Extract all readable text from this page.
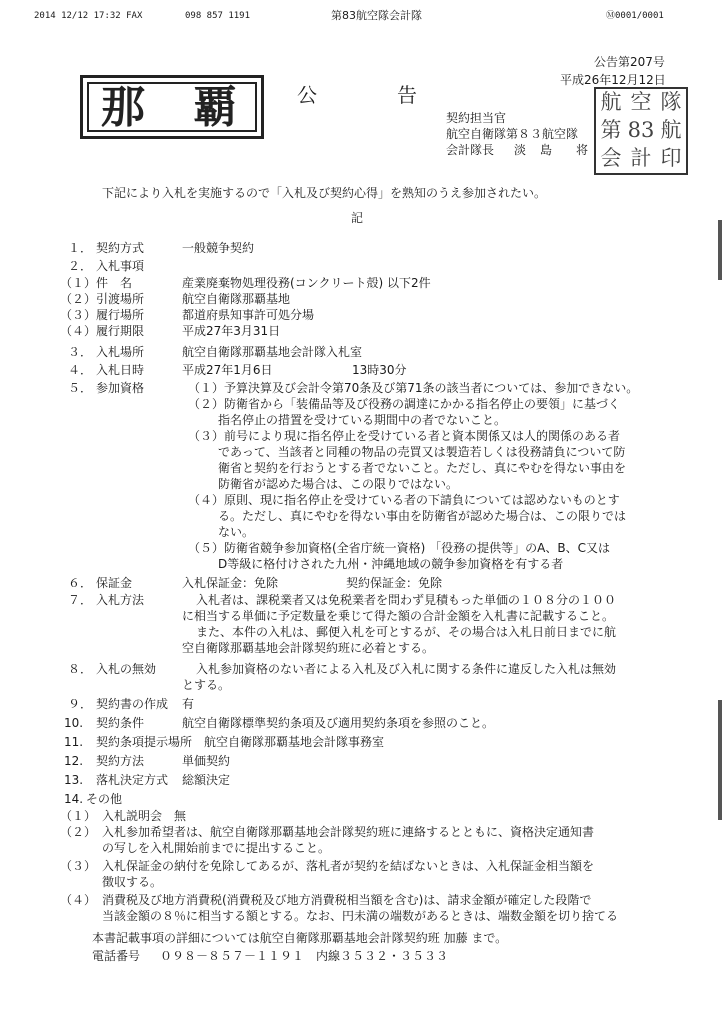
2014 12/12 17:32 FAX	098 857 1191	第83航空隊会計隊	Ⓜ0001/0001
公告第207号
平成26年12月12日
那 覇	公	告
契約担当官
航空自衛隊第８３航空隊
会計隊長 淡 島 将
航 空 隊
第 83 航
会 計 印
下記により入札を実施するので「入札及び契約心得」を熟知のうえ参加されたい。
記
１． 契約方式	一般競争契約
２． 入札事項
（１） 件　名	産業廃棄物処理役務(コンクリート殻) 以下2件
（２） 引渡場所	航空自衛隊那覇基地
（３） 履行場所	都道府県知事許可処分場
（４） 履行期限	平成27年3月31日
３． 入札場所	航空自衛隊那覇基地会計隊入札室
４． 入札日時	平成27年1月6日	13時30分
５． 参加資格	（１）予算決算及び会計令第70条及び第71条の該当者については、参加できない。
（２）防衛省から「装備品等及び役務の調達にかかる指名停止の要領」に基づく
指名停止の措置を受けている期間中の者でないこと。
（３）前号により現に指名停止を受けている者と資本関係又は人的関係のある者
であって、当該者と同種の物品の売買又は製造若しくは役務請負について防
衛省と契約を行おうとする者でないこと。ただし、真にやむを得ない事由を
防衛省が認めた場合は、この限りではない。
（４）原則、現に指名停止を受けている者の下請負については認めないものとす
る。ただし、真にやむを得ない事由を防衛省が認めた場合は、この限りでは
ない。
（５）防衛省競争参加資格(全省庁統一資格) 「役務の提供等」のA、B、C又は
D等級に格付けされた九州・沖縄地域の競争参加資格を有する者
６． 保証金	入札保証金：免除	契約保証金：免除
７． 入札方法	入札者は、課税業者又は免税業者を問わず見積もった単価の１０８分の１００
に相当する単価に予定数量を乗じて得た額の合計金額を入札書に記載すること。
また、本件の入札は、郵便入札を可とするが、その場合は入札日前日までに航
空自衛隊那覇基地会計隊契約班に必着とする。
８． 入札の無効	入札参加資格のない者による入札及び入札に関する条件に違反した入札は無効
とする。
９． 契約書の作成 有
10. 契約条件	航空自衛隊標準契約条項及び適用契約条項を参照のこと。
11. 契約条項提示場所 航空自衛隊那覇基地会計隊事務室
12. 契約方法	単価契約
13. 落札決定方式 総額決定
14. その他
（１）　入札説明会　無
（２）　入札参加希望者は、航空自衛隊那覇基地会計隊契約班に連絡するとともに、資格決定通知書
の写しを入札開始前までに提出すること。
（３）　入札保証金の納付を免除してあるが、落札者が契約を結ばないときは、入札保証金相当額を
徴収する。
（４）　消費税及び地方消費税(消費税及び地方消費税相当額を含む)は、請求金額が確定した段階で
当該金額の８％に相当する額とする。なお、円未満の端数があるときは、端数金額を切り捨てる
本書記載事項の詳細については航空自衛隊那覇基地会計隊契約班 加藤 まで。
電話番号 ０９８－８５７－１１９１　内線３５３２・３５３３
